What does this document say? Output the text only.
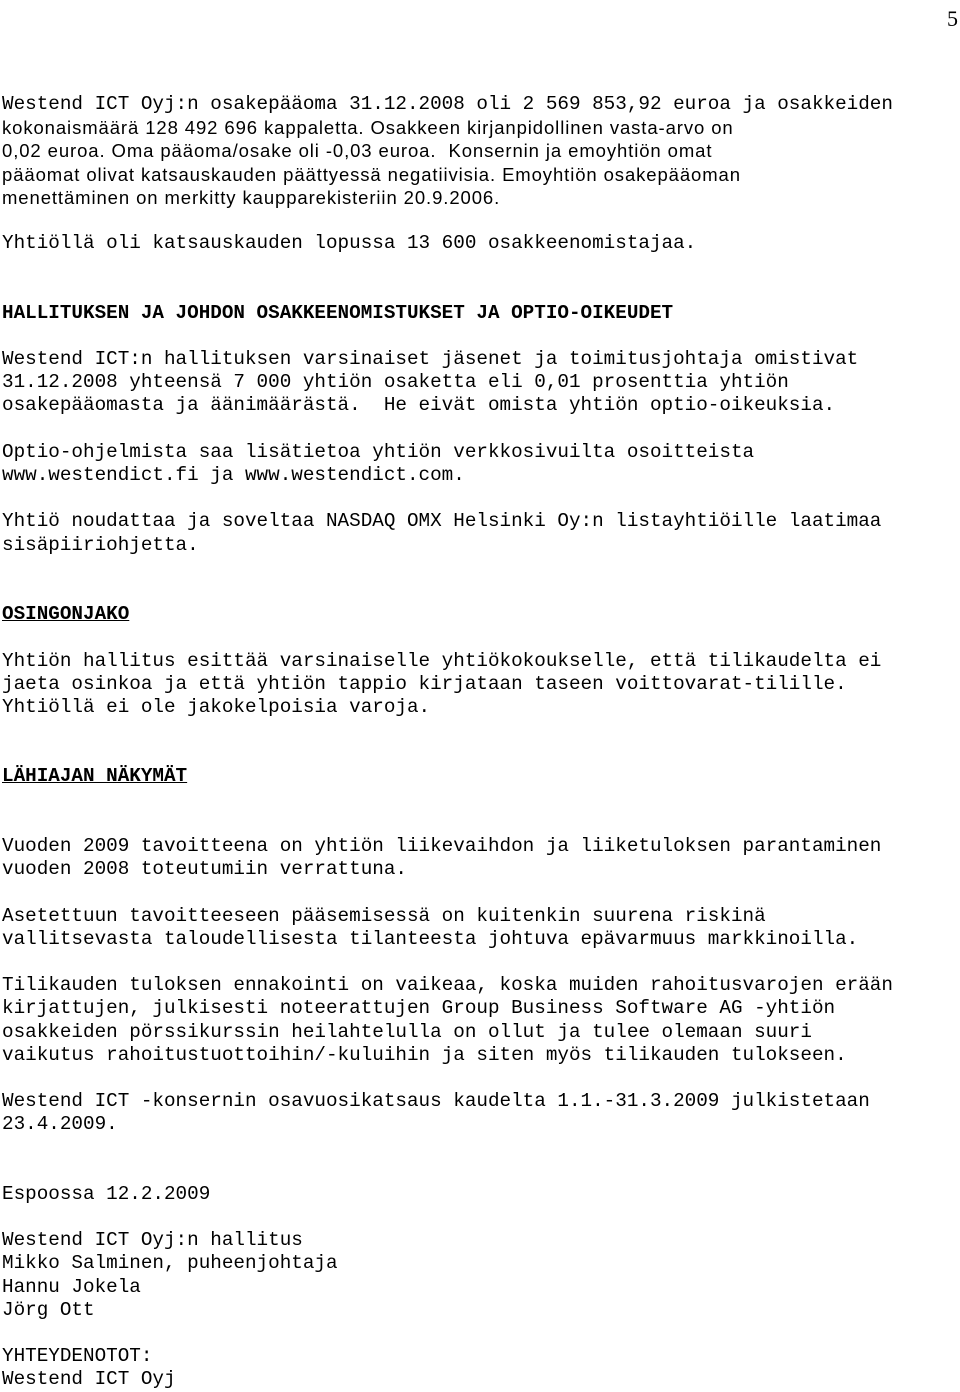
5
Westend ICT Oyj:n osakepääoma 31.12.2008 oli 2 569 853,92 euroa ja osakkeiden
kokonaismäärä 128 492 696 kappaletta. Osakkeen kirjanpidollinen vasta-arvo on
0,02 euroa. Oma pääoma/osake oli -0,03 euroa.  Konsernin ja emoyhtiön omat
pääomat olivat katsauskauden päättyessä negatiivisia. Emoyhtiön osakepääoman
menettäminen on merkitty kaupparekisteriin 20.9.2006.
Yhtiöllä oli katsauskauden lopussa 13 600 osakkeenomistajaa.
HALLITUKSEN JA JOHDON OSAKKEENOMISTUKSET JA OPTIO-OIKEUDET
Westend ICT:n hallituksen varsinaiset jäsenet ja toimitusjohtaja omistivat
31.12.2008 yhteensä 7 000 yhtiön osaketta eli 0,01 prosenttia yhtiön
osakepääomasta ja äänimäärästä.  He eivät omista yhtiön optio-oikeuksia.
Optio-ohjelmista saa lisätietoa yhtiön verkkosivuilta osoitteista
www.westendict.fi ja www.westendict.com.
Yhtiö noudattaa ja soveltaa NASDAQ OMX Helsinki Oy:n listayhtiöille laatimaa
sisäpiiriohjetta.
OSINGONJAKO
Yhtiön hallitus esittää varsinaiselle yhtiökokoukselle, että tilikaudelta ei
jaeta osinkoa ja että yhtiön tappio kirjataan taseen voittovarat-tilille.
Yhtiöllä ei ole jakokelpoisia varoja.
LÄHIAJAN NÄKYMÄT
Vuoden 2009 tavoitteena on yhtiön liikevaihdon ja liiketuloksen parantaminen
vuoden 2008 toteutumiin verrattuna.
Asetettuun tavoitteeseen pääsemisessä on kuitenkin suurena riskinä
vallitsevasta taloudellisesta tilanteesta johtuva epävarmuus markkinoilla.
Tilikauden tuloksen ennakointi on vaikeaa, koska muiden rahoitusvarojen erään
kirjattujen, julkisesti noteerattujen Group Business Software AG -yhtiön
osakkeiden pörssikurssin heilahtelulla on ollut ja tulee olemaan suuri
vaikutus rahoitustuottoihin/-kuluihin ja siten myös tilikauden tulokseen.
Westend ICT -konsernin osavuosikatsaus kaudelta 1.1.-31.3.2009 julkistetaan
23.4.2009.
Espoossa 12.2.2009
Westend ICT Oyj:n hallitus
Mikko Salminen, puheenjohtaja
Hannu Jokela
Jörg Ott
YHTEYDENOTOT:
Westend ICT Oyj
